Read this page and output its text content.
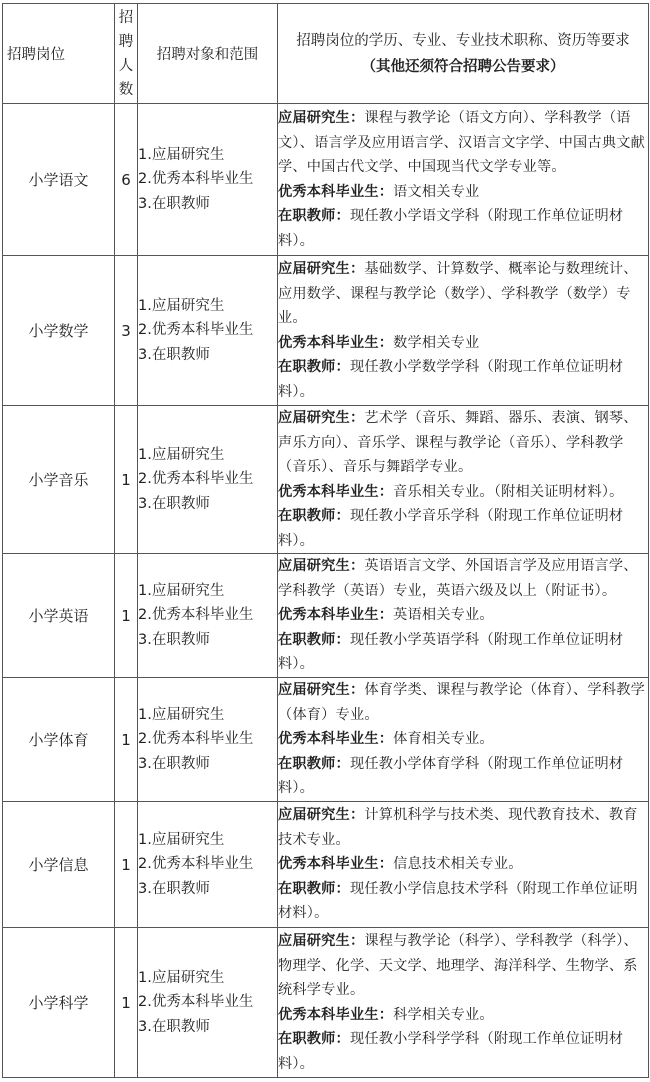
招聘岗位	招聘人数	招聘对象和范围	招聘岗位的学历、专业、专业技术职称、资历等要求
（其他还须符合招聘公告要求）

小学语文	6	1.应届研究生
2.优秀本科毕业生
3.在职教师	应届研究生：课程与教学论（语文方向）、学科教学（语文）、语言学及应用语言学、汉语言文字学、中国古典文献学、中国古代文学、中国现当代文学专业等。
优秀本科毕业生：语文相关专业
在职教师：现任教小学语文学科（附现工作单位证明材料）。

小学数学	3	1.应届研究生
2.优秀本科毕业生
3.在职教师	应届研究生：基础数学、计算数学、概率论与数理统计、应用数学、课程与教学论（数学）、学科教学（数学）专业。
优秀本科毕业生：数学相关专业
在职教师：现任教小学数学学科（附现工作单位证明材料）。

小学音乐	1	1.应届研究生
2.优秀本科毕业生
3.在职教师	应届研究生：艺术学（音乐、舞蹈、器乐、表演、钢琴、声乐方向）、音乐学、课程与教学论（音乐）、学科教学（音乐）、音乐与舞蹈学专业。
优秀本科毕业生：音乐相关专业。（附相关证明材料）。
在职教师：现任教小学音乐学科（附现工作单位证明材料）。

小学英语	1	1.应届研究生
2.优秀本科毕业生
3.在职教师	应届研究生：英语语言文学、外国语言学及应用语言学、学科教学（英语）专业，英语六级及以上（附证书）。
优秀本科毕业生：英语相关专业。
在职教师：现任教小学英语学科（附现工作单位证明材料）。

小学体育	1	1.应届研究生
2.优秀本科毕业生
3.在职教师	应届研究生：体育学类、课程与教学论（体育）、学科教学（体育）专业。
优秀本科毕业生：体育相关专业。
在职教师：现任教小学体育学科（附现工作单位证明材料）。

小学信息	1	1.应届研究生
2.优秀本科毕业生
3.在职教师	应届研究生：计算机科学与技术类、现代教育技术、教育技术专业。
优秀本科毕业生：信息技术相关专业。
在职教师：现任教小学信息技术学科（附现工作单位证明材料）。

小学科学	1	1.应届研究生
2.优秀本科毕业生
3.在职教师	应届研究生：课程与教学论（科学）、学科教学（科学）、物理学、化学、天文学、地理学、海洋科学、生物学、系统科学专业。
优秀本科毕业生：科学相关专业。
在职教师：现任教小学科学学科（附现工作单位证明材料）。
